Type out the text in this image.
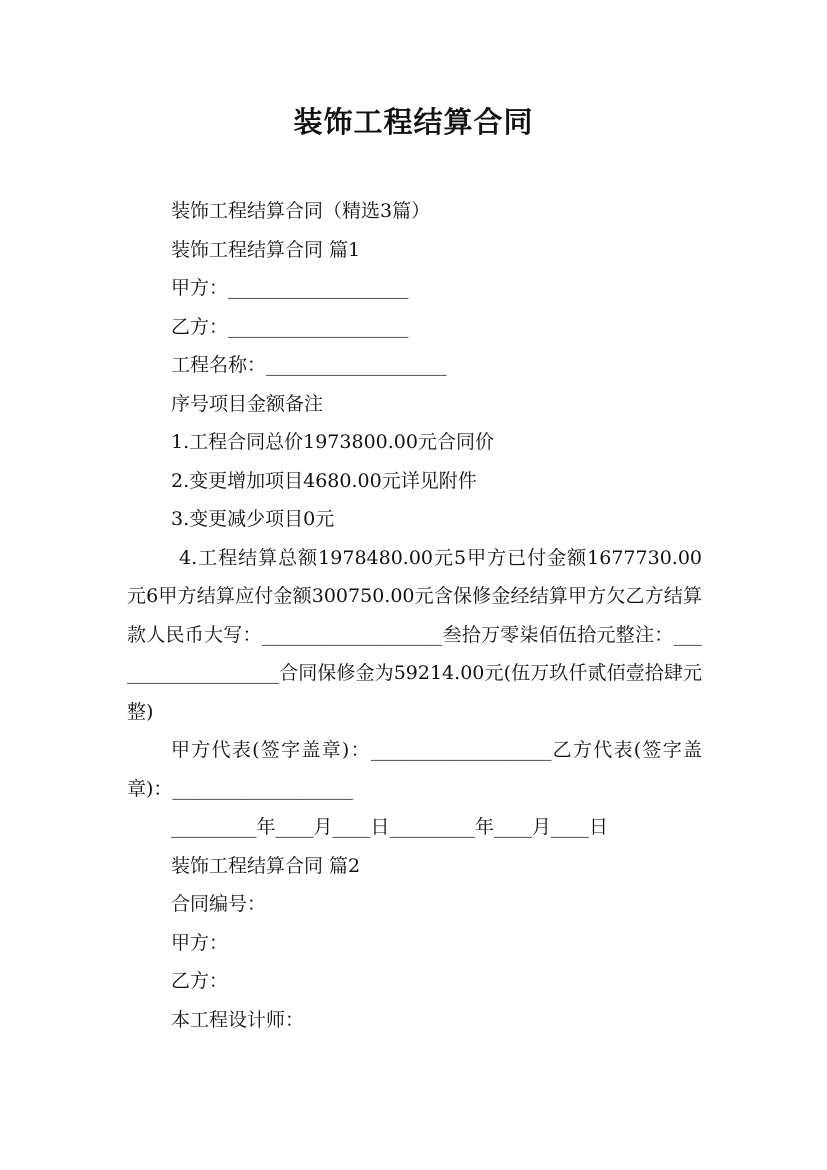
装饰工程结算合同

装饰工程结算合同（精选3篇）

装饰工程结算合同 篇1

甲方：___________________

乙方：___________________

工程名称：___________________

序号项目金额备注

1.工程合同总价1973800.00元合同价

2.变更增加项目4680.00元详见附件

3.变更减少项目0元

4.工程结算总额1978480.00元5甲方已付金额1677730.00元6甲方结算应付金额300750.00元含保修金经结算甲方欠乙方结算款人民币大写：___________________叁拾万零柒佰伍拾元整注：___________________合同保修金为59214.00元(伍万玖仟贰佰壹拾肆元整)

甲方代表(签字盖章)：___________________乙方代表(签字盖章)：___________________

_________年____月____日_________年____月____日

装饰工程结算合同 篇2

合同编号：

甲方：

乙方：

本工程设计师：
